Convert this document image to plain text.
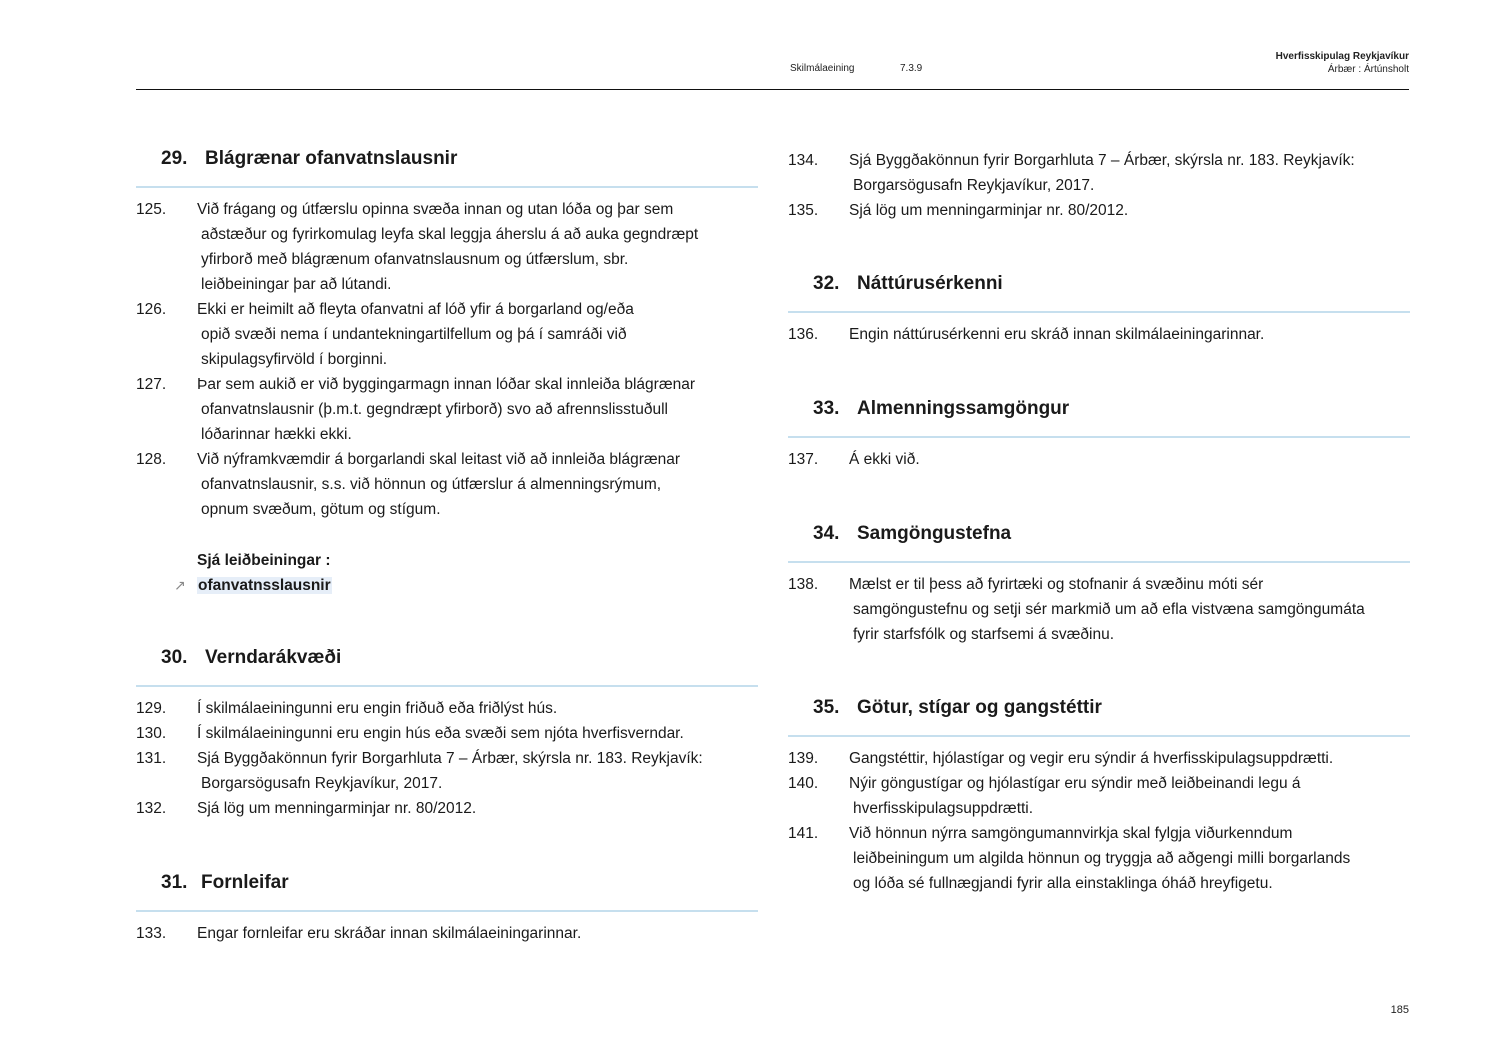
Skilmálaeining	7.3.9
Hverfisskipulag Reykjavíkur
Árbær : Ártúnsholt
29. Blágrænar ofanvatnslausnir
125. Við frágang og útfærslu opinna svæða innan og utan lóða og þar sem
aðstæður og fyrirkomulag leyfa skal leggja áherslu á að auka gegndræpt
yfirborð með blágrænum ofanvatnslausnum og útfærslum, sbr.
leiðbeiningar þar að lútandi.
126. Ekki er heimilt að fleyta ofanvatni af lóð yfir á borgarland og/eða
opið svæði nema í undantekningartilfellum og þá í samráði við
skipulagsyfirvöld í borginni.
127. Þar sem aukið er við byggingarmagn innan lóðar skal innleiða blágrænar
ofanvatnslausnir (þ.m.t. gegndræpt yfirborð) svo að afrennslisstuðull
lóðarinnar hækki ekki.
128. Við nýframkvæmdir á borgarlandi skal leitast við að innleiða blágrænar
ofanvatnslausnir, s.s. við hönnun og útfærslur á almenningsrýmum,
opnum svæðum, götum og stígum.
Sjá leiðbeiningar :
↗ ofanvatnsslausnir
30. Verndarákvæði
129. Í skilmálaeiningunni eru engin friðuð eða friðlýst hús.
130. Í skilmálaeiningunni eru engin hús eða svæði sem njóta hverfisverndar.
131. Sjá Byggðakönnun fyrir Borgarhluta 7 – Árbær, skýrsla nr. 183. Reykjavík:
Borgarsögusafn Reykjavíkur, 2017.
132. Sjá lög um menningarminjar nr. 80/2012.
31. Fornleifar
133. Engar fornleifar eru skráðar innan skilmálaeiningarinnar.
134. Sjá Byggðakönnun fyrir Borgarhluta 7 – Árbær, skýrsla nr. 183. Reykjavík:
Borgarsögusafn Reykjavíkur, 2017.
135. Sjá lög um menningarminjar nr. 80/2012.
32. Náttúrusérkenni
136. Engin náttúrusérkenni eru skráð innan skilmálaeiningarinnar.
33. Almenningssamgöngur
137. Á ekki við.
34. Samgöngustefna
138. Mælst er til þess að fyrirtæki og stofnanir á svæðinu móti sér
samgöngustefnu og setji sér markmið um að efla vistvæna samgöngumáta
fyrir starfsfólk og starfsemi á svæðinu.
35. Götur, stígar og gangstéttir
139. Gangstéttir, hjólastígar og vegir eru sýndir á hverfisskipulagsuppdrætti.
140. Nýir göngustígar og hjólastígar eru sýndir með leiðbeinandi legu á
hverfisskipulagsuppdrætti.
141. Við hönnun nýrra samgöngumannvirkja skal fylgja viðurkenndum
leiðbeiningum um algilda hönnun og tryggja að aðgengi milli borgarlands
og lóða sé fullnægjandi fyrir alla einstaklinga óháð hreyfigetu.
185
